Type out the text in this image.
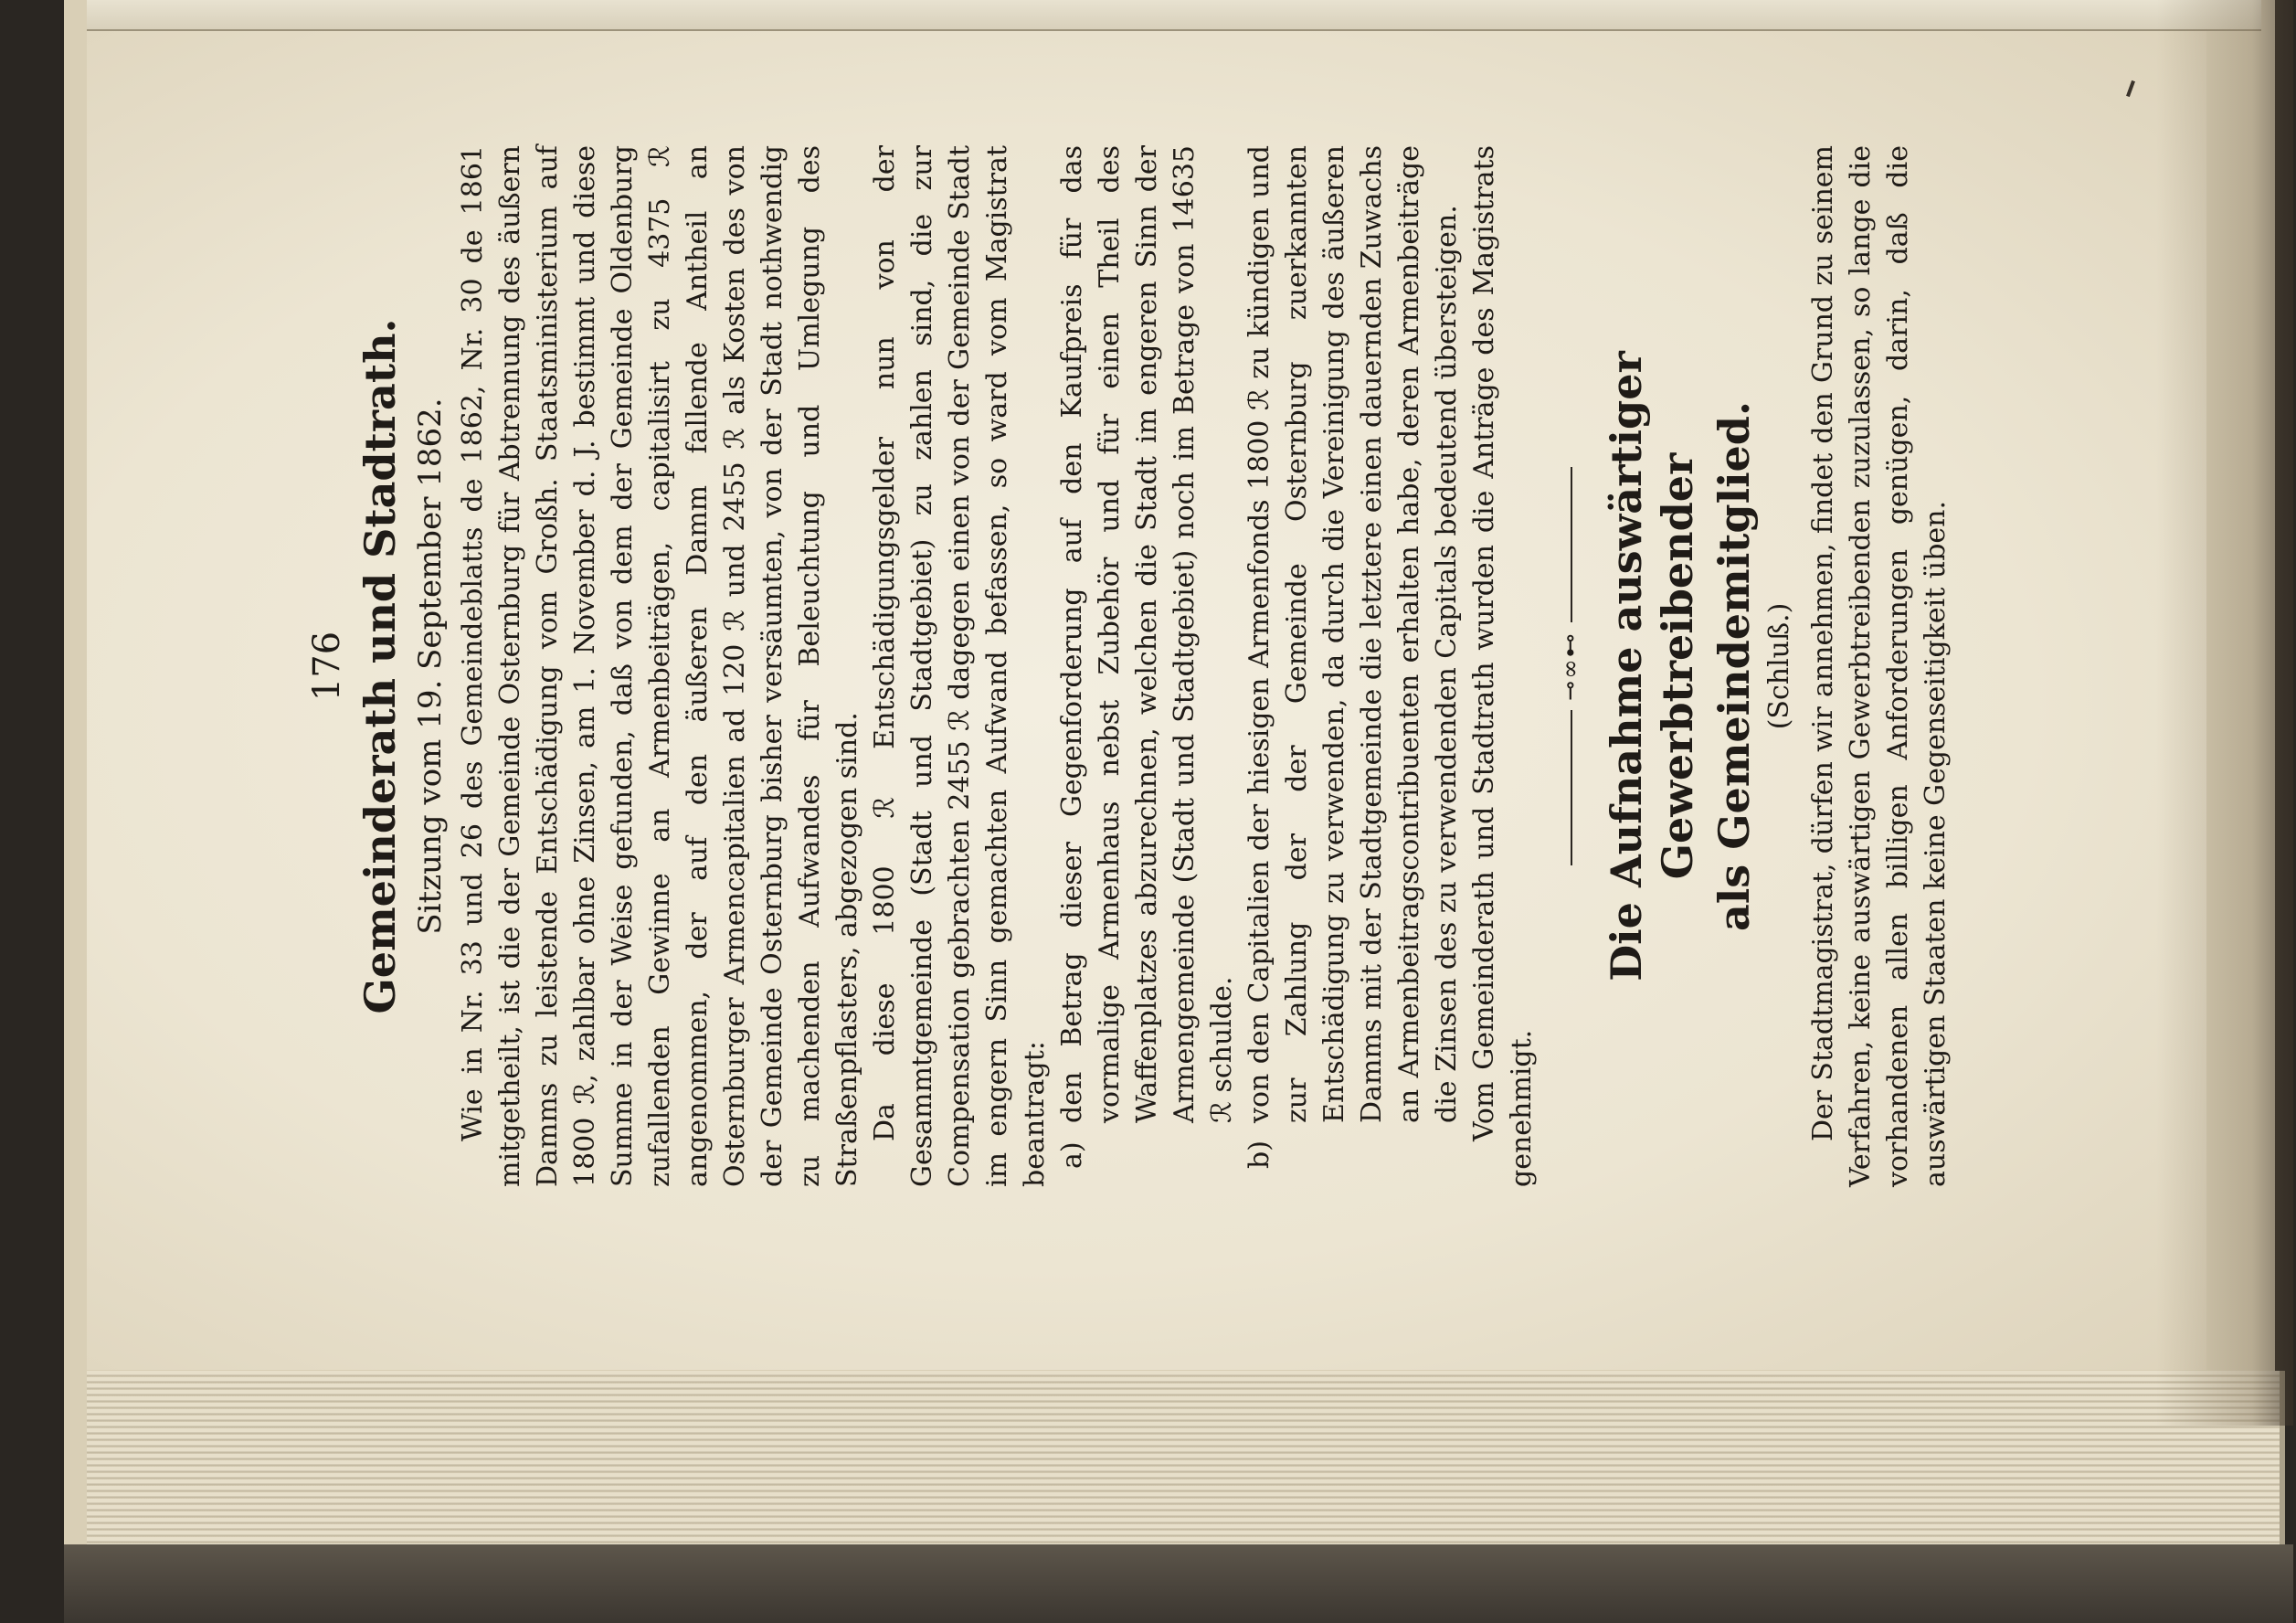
176 Gemeinderath und Stadtrath. Sitzung vom 19. September 1862. Wie in Nr. 33 und 26 des Gemeindeblatts de 1862, Nr. 30 de 1861 mitgetheilt, ist die der Gemeinde Osternburg für Abtrennung des äußern Damms zu leistende Entschädigung vom Großh. Staatsministerium auf 1800 ℛ, zahlbar ohne Zinsen, am 1. November d. J. bestimmt und diese Summe in der Weise gefunden, daß von dem der Gemeinde Oldenburg zufallenden Gewinne an Armenbeiträgen, capitalisirt zu 4375 ℛ angenommen, der auf den äußeren Damm fallende Antheil an Osternburger Armencapitalien ad 120 ℛ und 2455 ℛ als Kosten des von der Gemeinde Osternburg bisher versäumten, von der Stadt nothwendig zu machenden Aufwandes für Beleuchtung und Umlegung des Straßenpflasters, abgezogen sind. Da diese 1800 ℛ Entschädigungsgelder nun von der Gesammtgemeinde (Stadt und Stadtgebiet) zu zahlen sind, die zur Compensation gebrachten 2455 ℛ dagegen einen von der Gemeinde Stadt im engern Sinn gemachten Aufwand befassen, so ward vom Magistrat beantragt: a)den Betrag dieser Gegenforderung auf den Kaufpreis für das vormalige Armenhaus nebst Zubehör und für einen Theil des Waffenplatzes abzurechnen, welchen die Stadt im engeren Sinn der Armengemeinde (Stadt und Stadtgebiet) noch im Betrage von 14635 ℛ schulde.

b)von den Capitalien der hiesigen Armenfonds 1800 ℛ zu kündigen und zur Zahlung der der Gemeinde Osternburg zuerkannten Entschädigung zu verwenden, da durch die Vereinigung des äußeren Damms mit der Stadtgemeinde die letztere einen dauernden Zuwachs an Armenbeitragscontribuenten erhalten habe, deren Armenbeiträge die Zinsen des zu verwendenden Capitals bedeutend übersteigen. Vom Gemeinderath und Stadtrath wurden die Anträge des Magistrats genehmigt.

⊸∞⊷ Die Aufnahme auswärtiger Gewerbtreibender als Gemeindemitglied. (Schluß.) Der Stadtmagistrat, dürfen wir annehmen, findet den Grund zu seinem Verfahren, keine auswärtigen Gewerbtreibenden zuzulassen, so lange die vorhandenen allen billigen Anforderungen genügen, darin, daß die auswärtigen Staaten keine Gegenseitigkeit üben.
